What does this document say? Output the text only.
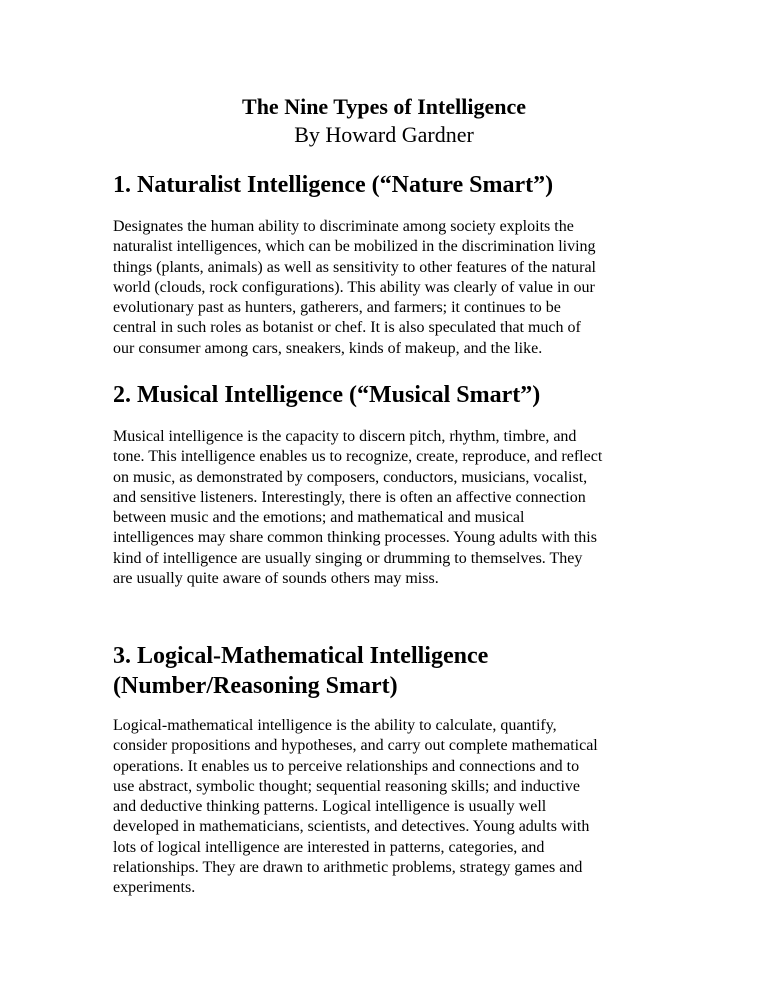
The Nine Types of Intelligence
By Howard Gardner
1. Naturalist Intelligence (“Nature Smart”)
Designates the human ability to discriminate among society exploits the
naturalist intelligences, which can be mobilized in the discrimination living
things (plants, animals) as well as sensitivity to other features of the natural
world (clouds, rock configurations). This ability was clearly of value in our
evolutionary past as hunters, gatherers, and farmers; it continues to be
central in such roles as botanist or chef. It is also speculated that much of
our consumer among cars, sneakers, kinds of makeup, and the like.
2. Musical Intelligence (“Musical Smart”)
Musical intelligence is the capacity to discern pitch, rhythm, timbre, and
tone. This intelligence enables us to recognize, create, reproduce, and reflect
on music, as demonstrated by composers, conductors, musicians, vocalist,
and sensitive listeners. Interestingly, there is often an affective connection
between music and the emotions; and mathematical and musical
intelligences may share common thinking processes. Young adults with this
kind of intelligence are usually singing or drumming to themselves. They
are usually quite aware of sounds others may miss.
3. Logical-Mathematical Intelligence
(Number/Reasoning Smart)
Logical-mathematical intelligence is the ability to calculate, quantify,
consider propositions and hypotheses, and carry out complete mathematical
operations. It enables us to perceive relationships and connections and to
use abstract, symbolic thought; sequential reasoning skills; and inductive
and deductive thinking patterns. Logical intelligence is usually well
developed in mathematicians, scientists, and detectives. Young adults with
lots of logical intelligence are interested in patterns, categories, and
relationships. They are drawn to arithmetic problems, strategy games and
experiments.
